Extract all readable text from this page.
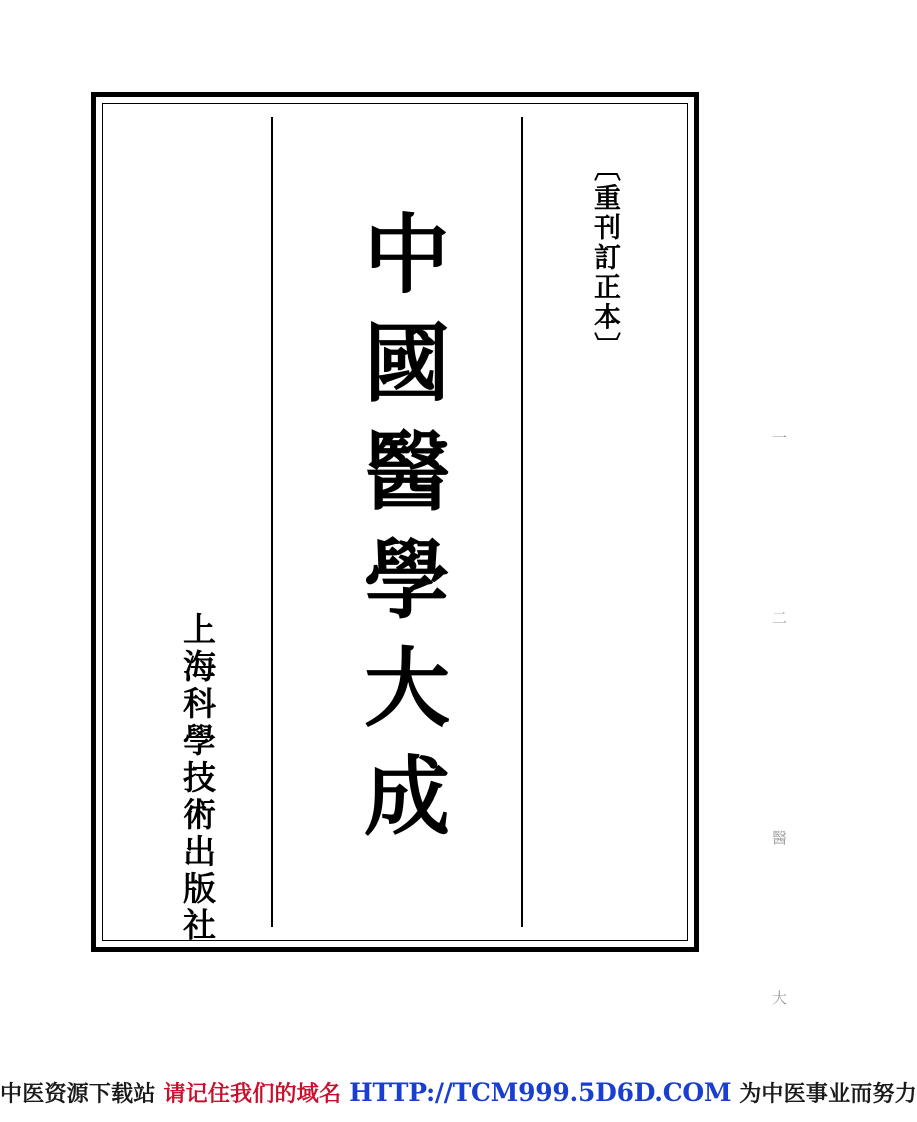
〔重刊訂正本〕
中國醫學大成
上海科學技術出版社
一
二
醫
大
中医资源下载站 请记住我们的域名 HTTP://TCM999.5D6D.COM 为中医事业而努力
